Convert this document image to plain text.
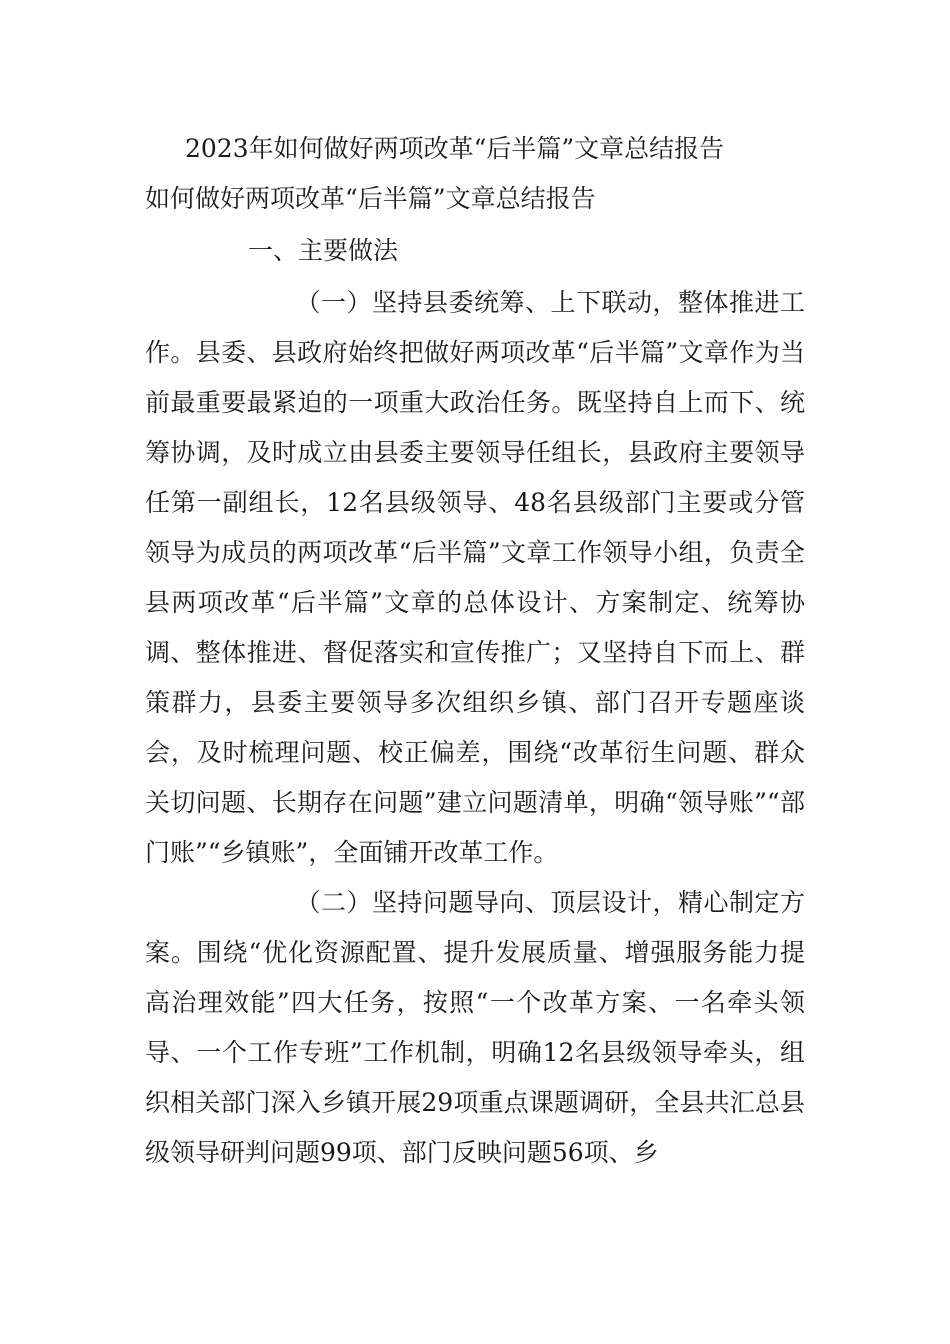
2023年如何做好两项改革“后半篇”文章总结报告
如何做好两项改革“后半篇”文章总结报告
一、主要做法

（一）坚持县委统筹、上下联动，整体推进工作。县委、县政府始终把做好两项改革“后半篇”文章作为当前最重要最紧迫的一项重大政治任务。既坚持自上而下、统筹协调，及时成立由县委主要领导任组长，县政府主要领导任第一副组长，12名县级领导、48名县级部门主要或分管领导为成员的两项改革“后半篇”文章工作领导小组，负责全县两项改革“后半篇”文章的总体设计、方案制定、统筹协调、整体推进、督促落实和宣传推广；又坚持自下而上、群策群力，县委主要领导多次组织乡镇、部门召开专题座谈会，及时梳理问题、校正偏差，围绕“改革衍生问题、群众关切问题、长期存在问题”建立问题清单，明确“领导账”“部门账”“乡镇账”，全面铺开改革工作。

（二）坚持问题导向、顶层设计，精心制定方案。围绕“优化资源配置、提升发展质量、增强服务能力提高治理效能”四大任务，按照“一个改革方案、一名牵头领导、一个工作专班”工作机制，明确12名县级领导牵头，组织相关部门深入乡镇开展29项重点课题调研，全县共汇总县级领导研判问题99项、部门反映问题56项、乡
